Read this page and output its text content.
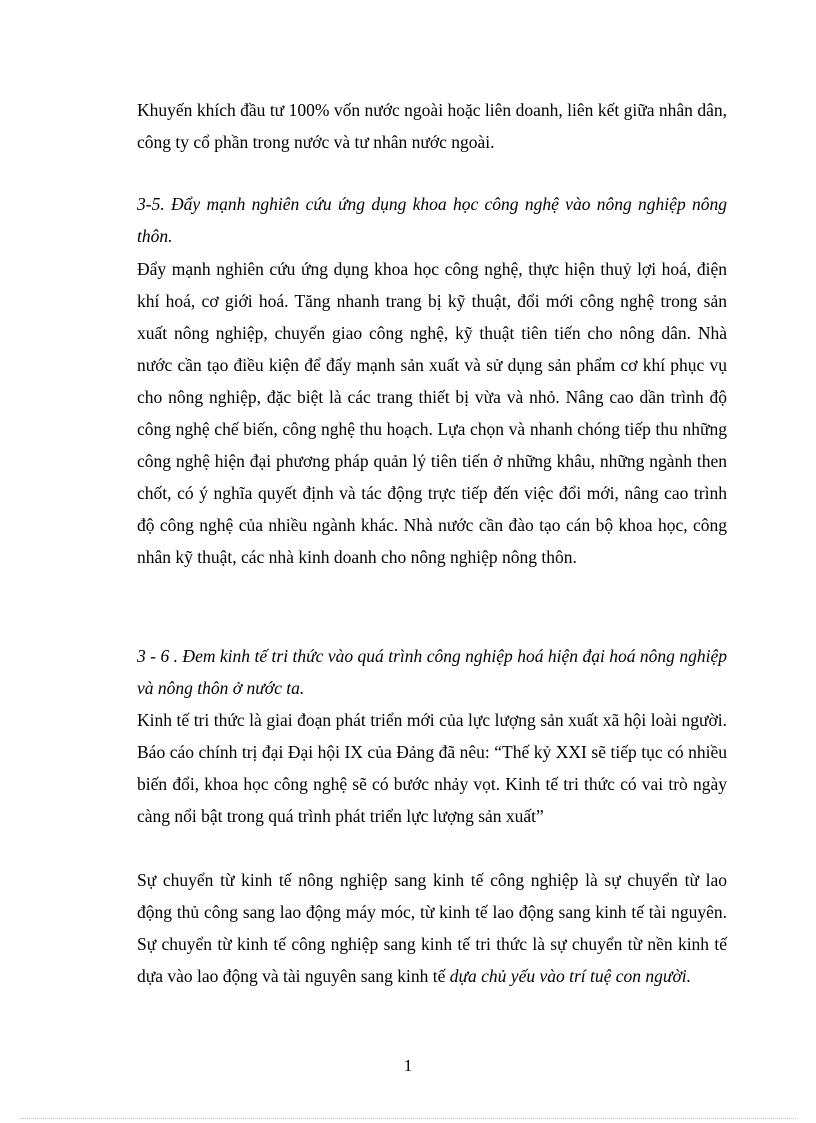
Khuyến khích đầu tư 100% vốn nước ngoài hoặc liên doanh, liên kết giữa nhân dân, công ty cổ phần trong nước và tư nhân nước ngoài.

3-5. Đẩy mạnh nghiên cứu ứng dụng khoa học công nghệ vào nông nghiệp nông thôn.

Đẩy mạnh nghiên cứu ứng dụng khoa học công nghệ, thực hiện thuỷ lợi hoá, điện khí hoá, cơ giới hoá. Tăng nhanh trang bị kỹ thuật, đổi mới công nghệ trong sản xuất nông nghiệp, chuyển giao công nghệ, kỹ thuật tiên tiến cho nông dân. Nhà nước cần tạo điều kiện để đẩy mạnh sản xuất và sử dụng sản phẩm cơ khí phục vụ cho nông nghiệp, đặc biệt là các trang thiết bị vừa và nhỏ. Nâng cao dần trình độ công nghệ chế biến, công nghệ thu hoạch. Lựa chọn và nhanh chóng tiếp thu những công nghệ hiện đại phương pháp quản lý tiên tiến ở những khâu, những ngành then chốt, có ý nghĩa quyết định và tác động trực tiếp đến việc đổi mới, nâng cao trình độ công nghệ của nhiều ngành khác. Nhà nước cần đào tạo cán bộ khoa học, công nhân kỹ thuật, các nhà kinh doanh cho nông nghiệp nông thôn.

3 - 6 . Đem kinh tế tri thức vào quá trình công nghiệp hoá hiện đại hoá nông nghiệp và nông thôn ở nước ta.

Kinh tế tri thức là giai đoạn phát triển mới của lực lượng sản xuất xã hội loài người. Báo cáo chính trị đại Đại hội IX của Đảng đã nêu: “Thế kỷ XXI sẽ tiếp tục có nhiều biến đổi, khoa học công nghệ sẽ có bước nhảy vọt. Kinh tế tri thức có vai trò ngày càng nổi bật trong quá trình phát triển lực lượng sản xuất”

Sự chuyển từ kinh tế nông nghiệp sang kinh tế công nghiệp là sự chuyển từ lao động thủ công sang lao động máy móc, từ kinh tế lao động sang kinh tế tài nguyên. Sự chuyển từ kinh tế công nghiệp sang kinh tế tri thức là sự chuyển từ nền kinh tế dựa vào lao động và tài nguyên sang kinh tế dựa chủ yếu vào trí tuệ con người.

1
